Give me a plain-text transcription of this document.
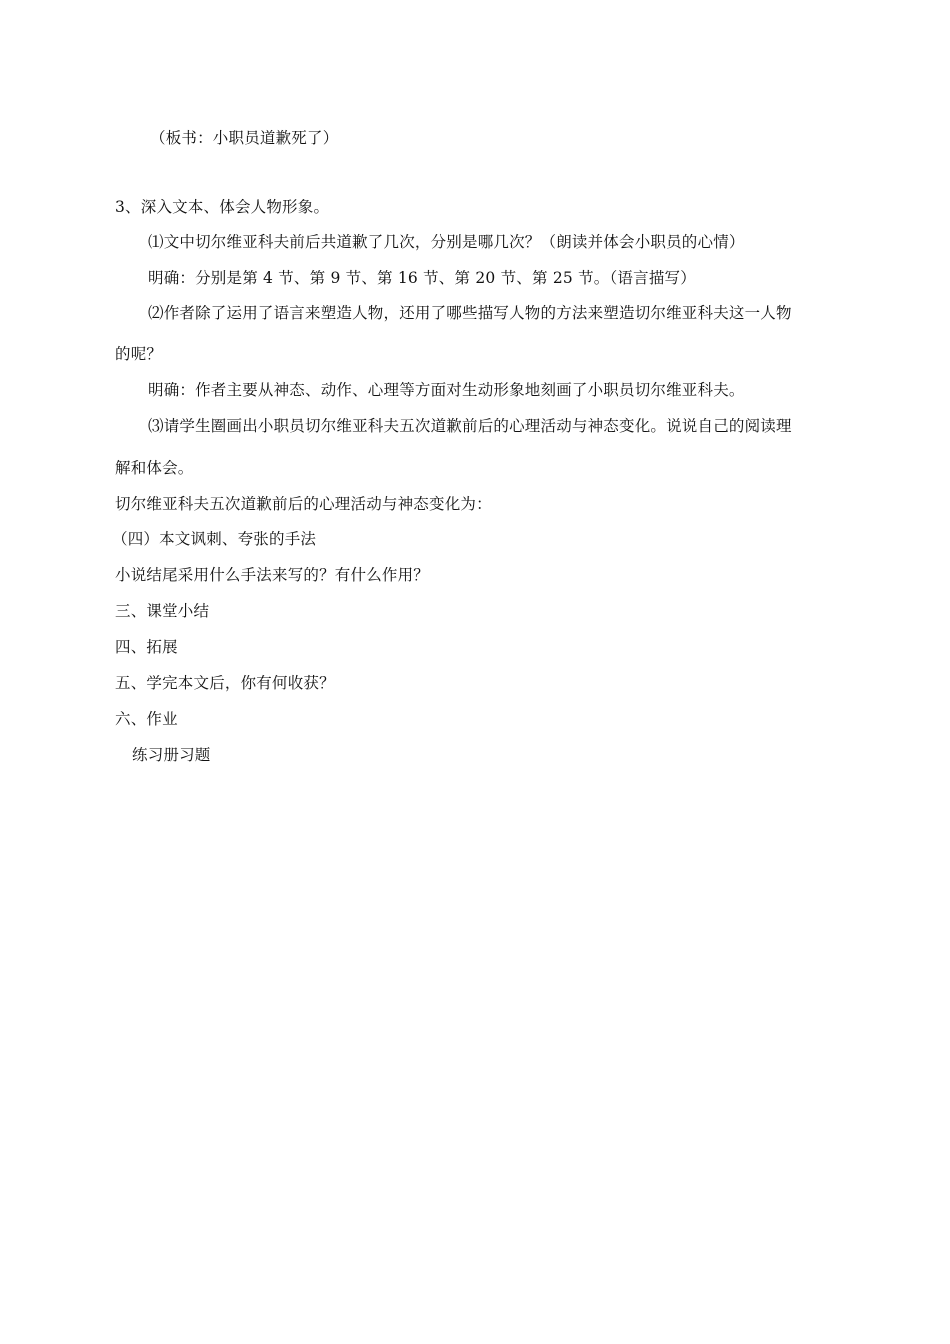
（板书：小职员道歉死了）
3、深入文本、体会人物形象。
⑴文中切尔维亚科夫前后共道歉了几次，分别是哪几次？（朗读并体会小职员的心情）
明确：分别是第 4 节、第 9 节、第 16 节、第 20 节、第 25 节。（语言描写）
⑵作者除了运用了语言来塑造人物，还用了哪些描写人物的方法来塑造切尔维亚科夫这一人物
的呢？
明确：作者主要从神态、动作、心理等方面对生动形象地刻画了小职员切尔维亚科夫。
⑶请学生圈画出小职员切尔维亚科夫五次道歉前后的心理活动与神态变化。说说自己的阅读理
解和体会。
切尔维亚科夫五次道歉前后的心理活动与神态变化为：
（四）本文讽刺、夸张的手法
小说结尾采用什么手法来写的？有什么作用？
三、课堂小结
四、拓展
五、学完本文后，你有何收获？
六、作业
练习册习题
